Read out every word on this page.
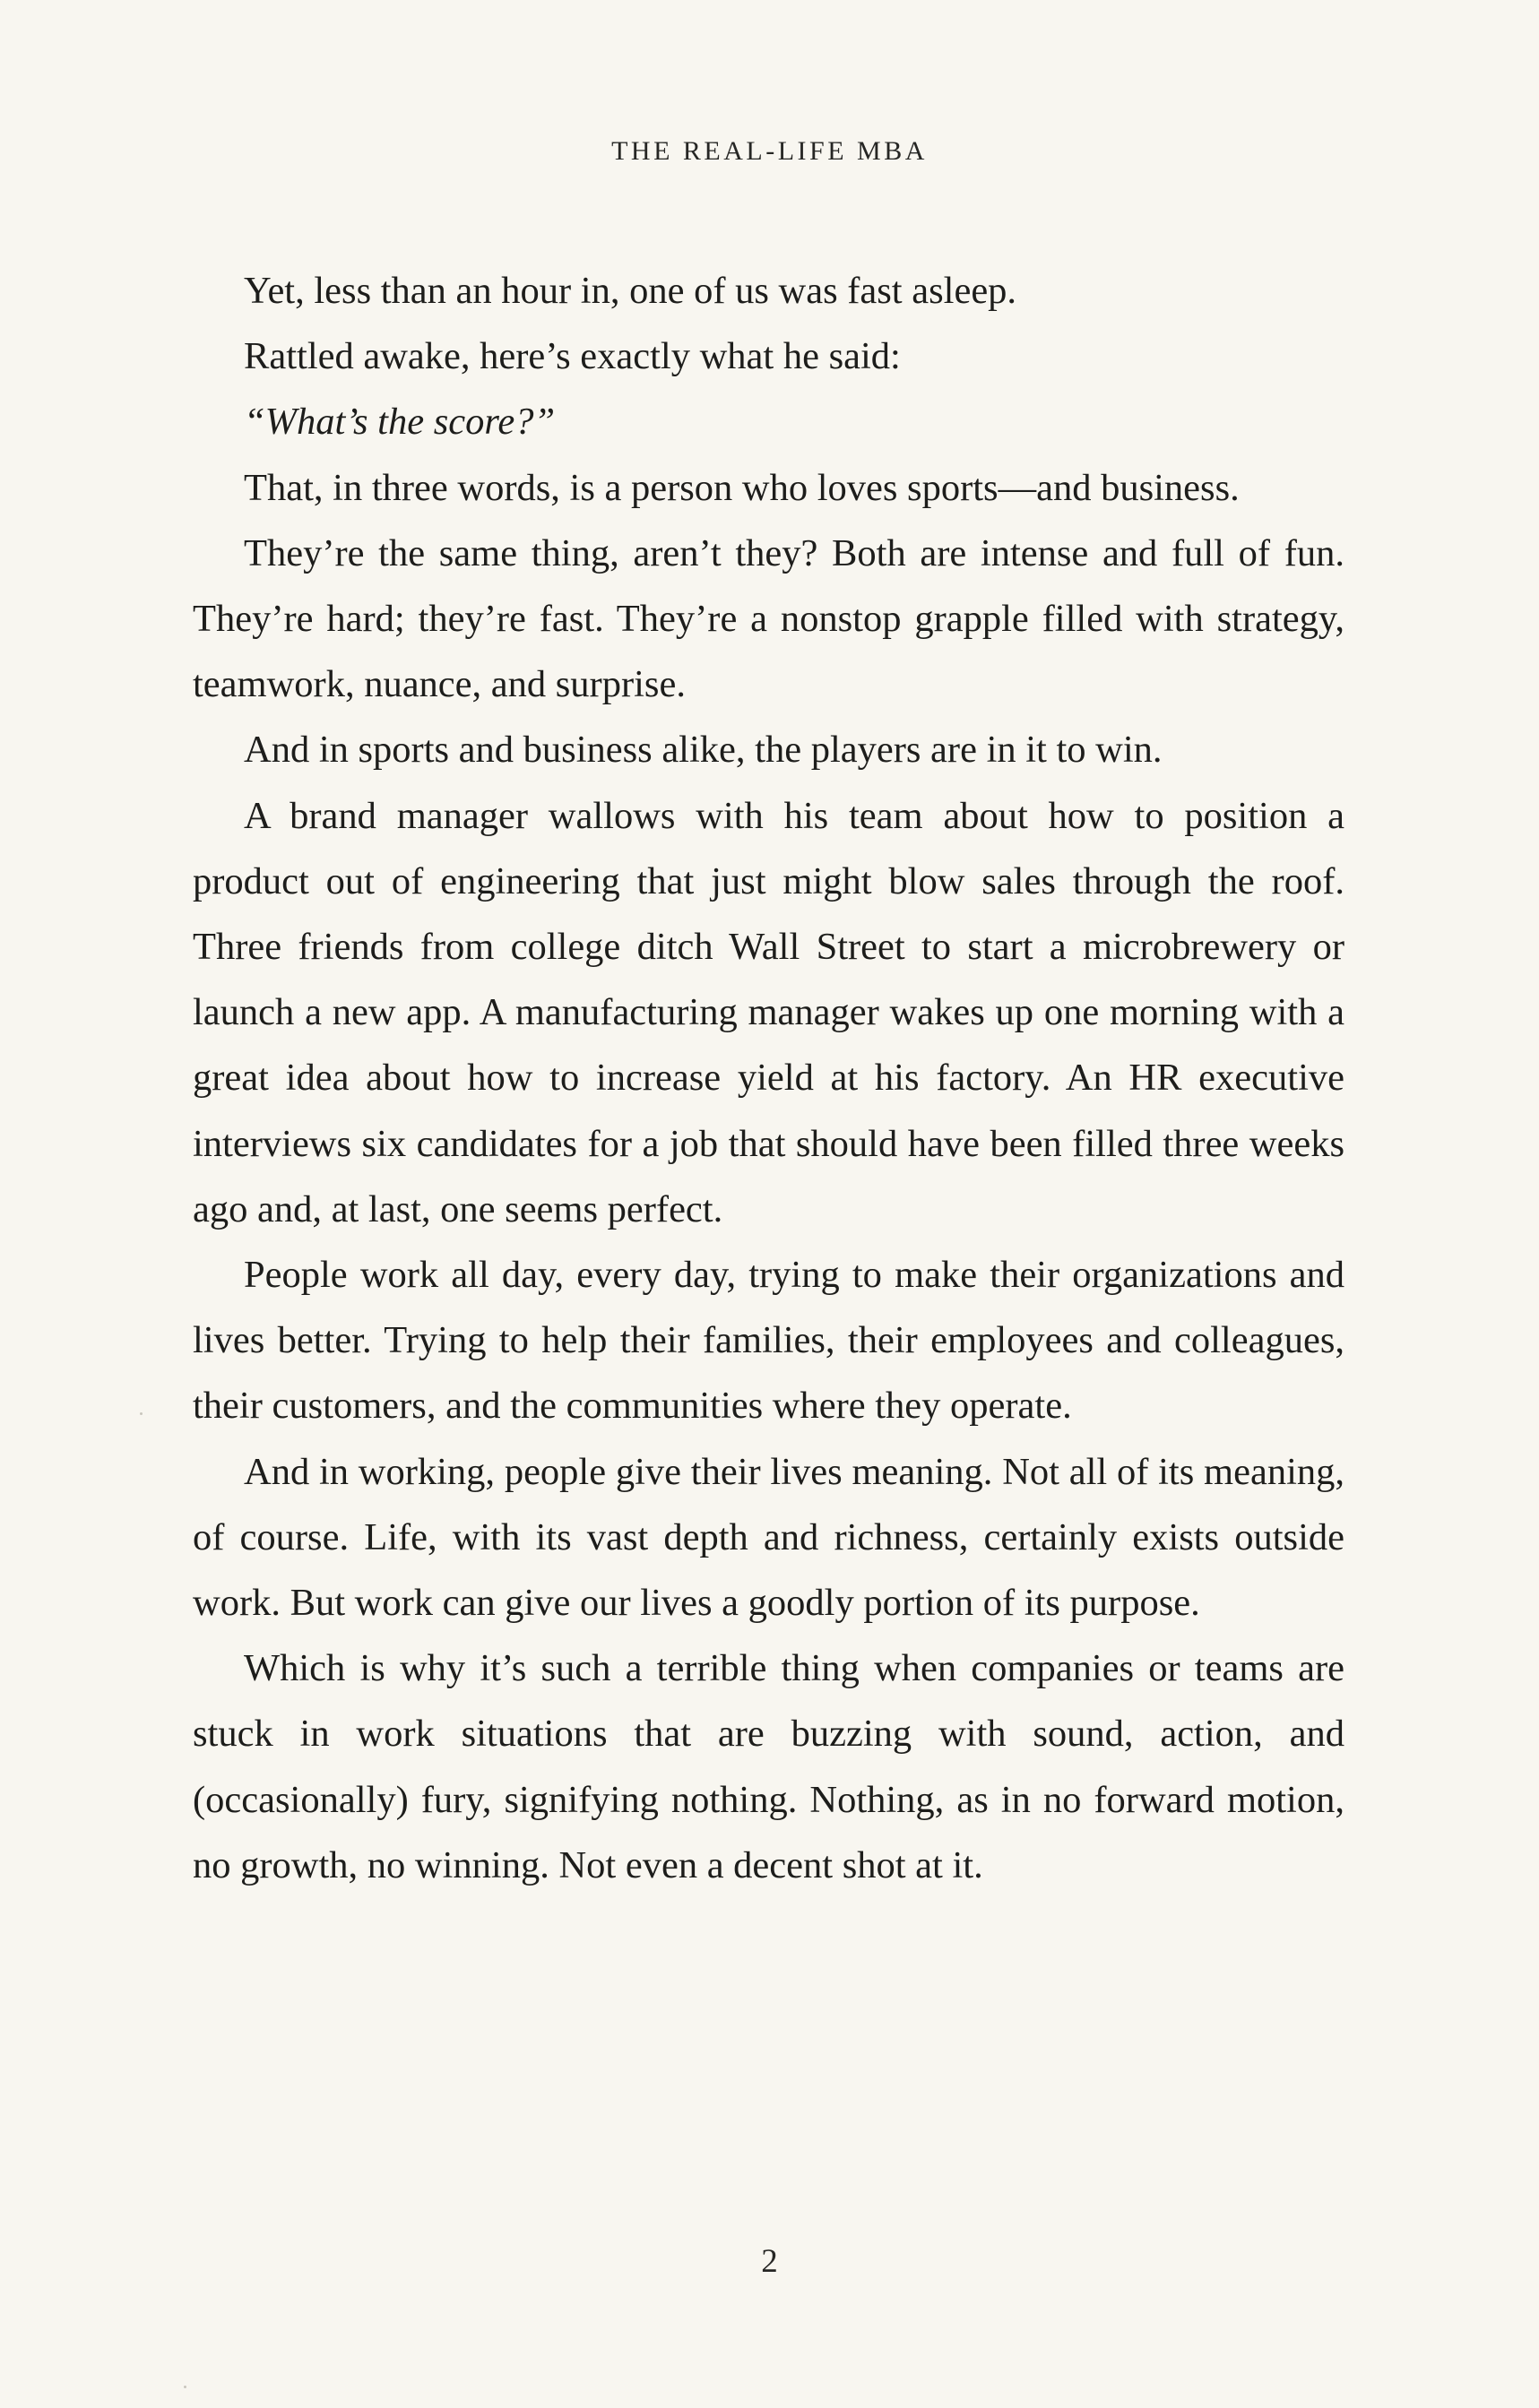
THE REAL-LIFE MBA

Yet, less than an hour in, one of us was fast asleep.

Rattled awake, here’s exactly what he said:

“What’s the score?”

That, in three words, is a person who loves sports—and business.

They’re the same thing, aren’t they? Both are intense and full of fun. They’re hard; they’re fast. They’re a nonstop grapple filled with strategy, teamwork, nuance, and surprise.

And in sports and business alike, the players are in it to win.

A brand manager wallows with his team about how to position a product out of engineering that just might blow sales through the roof. Three friends from college ditch Wall Street to start a microbrewery or launch a new app. A manufacturing manager wakes up one morning with a great idea about how to increase yield at his factory. An HR executive interviews six candidates for a job that should have been filled three weeks ago and, at last, one seems perfect.

People work all day, every day, trying to make their organizations and lives better. Trying to help their families, their employees and colleagues, their customers, and the communities where they operate.

And in working, people give their lives meaning. Not all of its meaning, of course. Life, with its vast depth and richness, certainly exists outside work. But work can give our lives a goodly portion of its purpose.

Which is why it’s such a terrible thing when companies or teams are stuck in work situations that are buzzing with sound, action, and (occasionally) fury, signifying nothing. Nothing, as in no forward motion, no growth, no winning. Not even a decent shot at it.

2
